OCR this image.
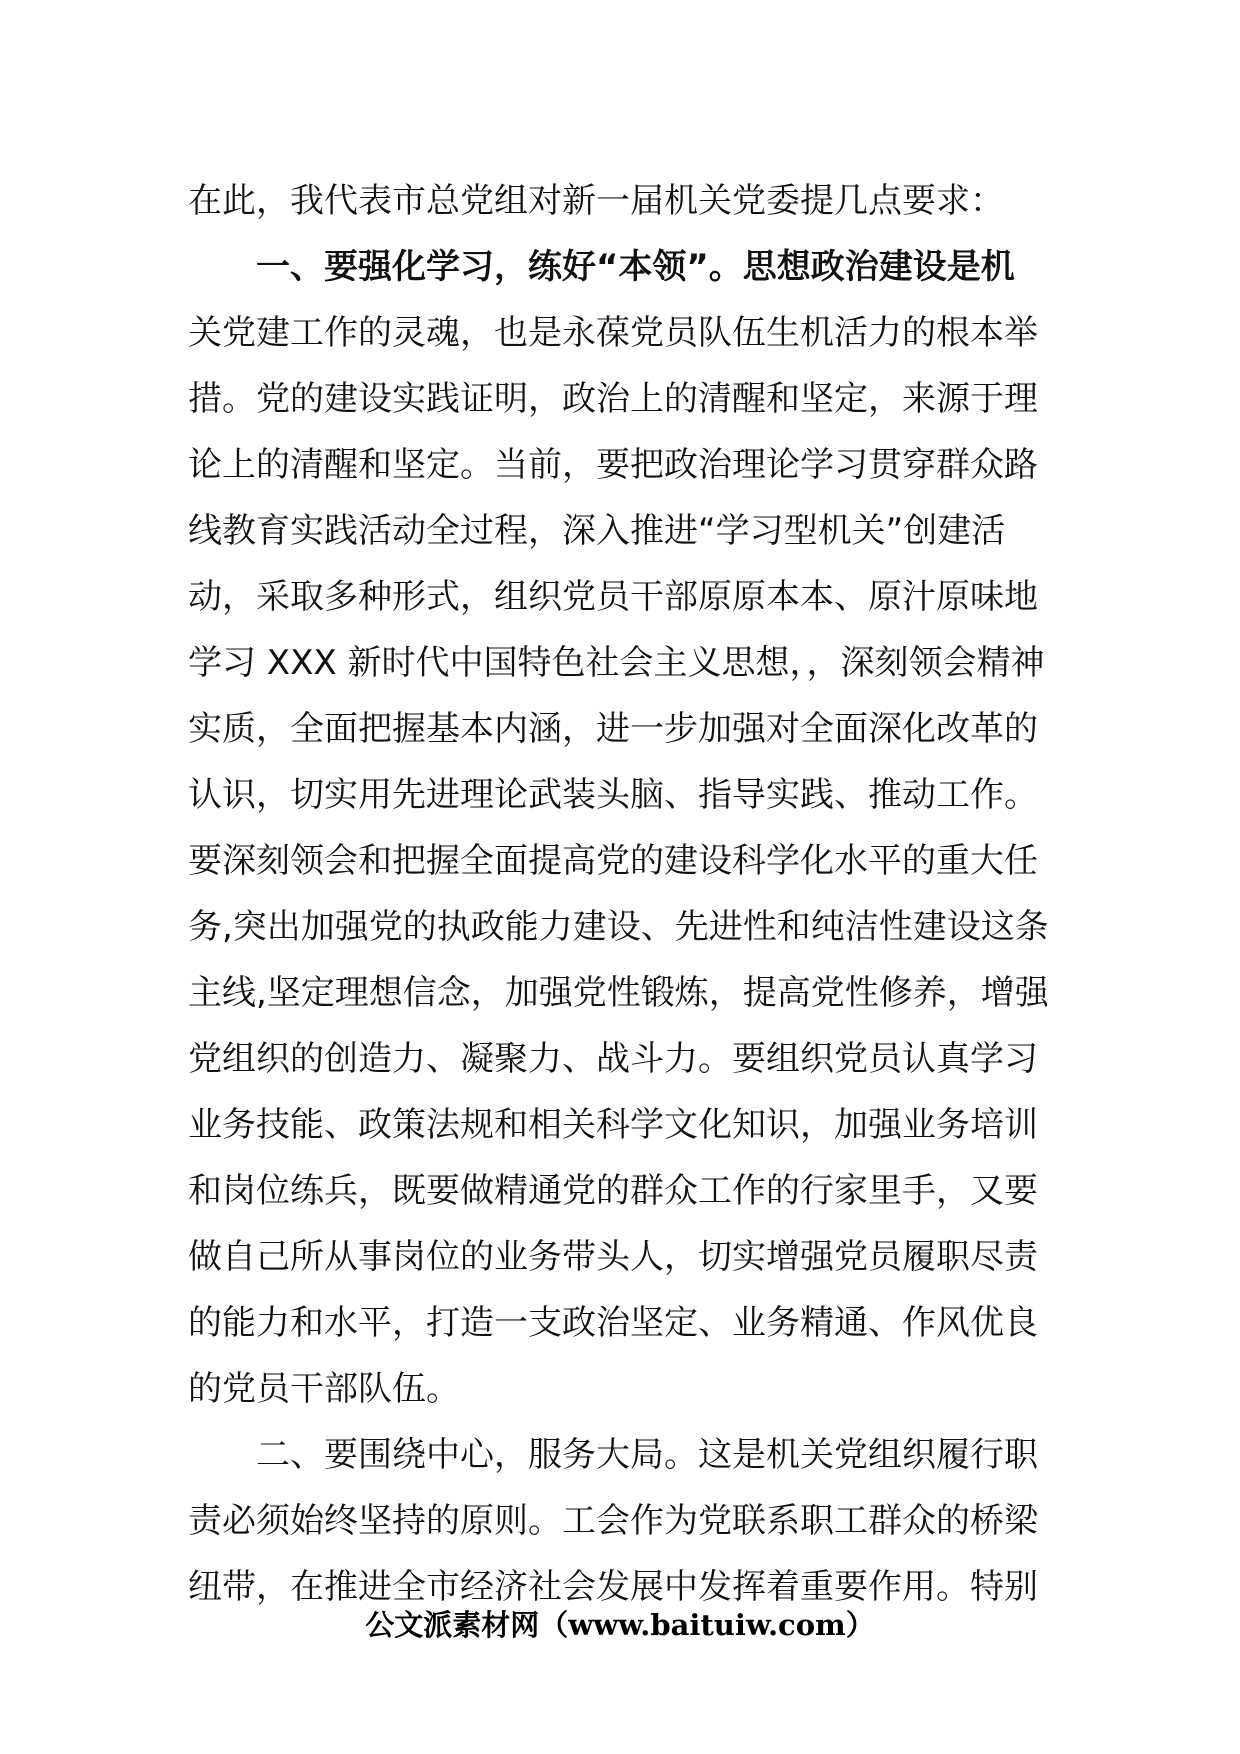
在此，我代表市总党组对新一届机关党委提几点要求：
一、要强化学习，练好“本领”。思想政治建设是机
关党建工作的灵魂，也是永葆党员队伍生机活力的根本举
措。党的建设实践证明，政治上的清醒和坚定，来源于理
论上的清醒和坚定。当前，要把政治理论学习贯穿群众路
线教育实践活动全过程，深入推进“学习型机关”创建活
动，采取多种形式，组织党员干部原原本本、原汁原味地
学习 XXX 新时代中国特色社会主义思想，，深刻领会精神
实质，全面把握基本内涵，进一步加强对全面深化改革的
认识，切实用先进理论武装头脑、指导实践、推动工作。
要深刻领会和把握全面提高党的建设科学化水平的重大任
务,突出加强党的执政能力建设、先进性和纯洁性建设这条
主线,坚定理想信念，加强党性锻炼，提高党性修养，增强
党组织的创造力、凝聚力、战斗力。要组织党员认真学习
业务技能、政策法规和相关科学文化知识，加强业务培训
和岗位练兵，既要做精通党的群众工作的行家里手，又要
做自己所从事岗位的业务带头人，切实增强党员履职尽责
的能力和水平，打造一支政治坚定、业务精通、作风优良
的党员干部队伍。
二、要围绕中心，服务大局。这是机关党组织履行职
责必须始终坚持的原则。工会作为党联系职工群众的桥梁
纽带，在推进全市经济社会发展中发挥着重要作用。特别
公文派素材网（www.baituiw.com）
